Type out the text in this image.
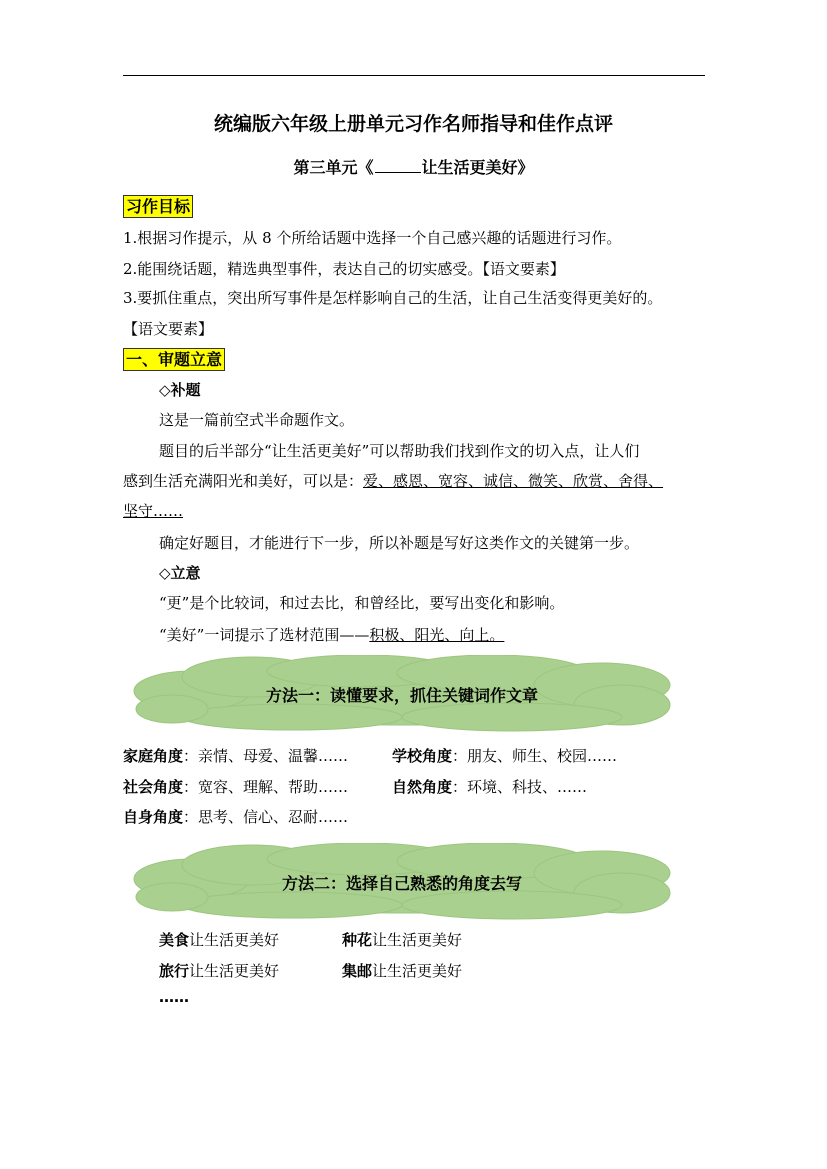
统编版六年级上册单元习作名师指导和佳作点评
第三单元《	让生活更美好》
习作目标
1.根据习作提示，从 8 个所给话题中选择一个自己感兴趣的话题进行习作。
2.能围绕话题，精选典型事件，表达自己的切实感受。【语文要素】
3.要抓住重点，突出所写事件是怎样影响自己的生活，让自己生活变得更美好的。
【语文要素】
一、审题立意
◇补题
这是一篇前空式半命题作文。
题目的后半部分“让生活更美好”可以帮助我们找到作文的切入点，让人们
感到生活充满阳光和美好，可以是：爱、感恩、宽容、诚信、微笑、欣赏、舍得、
坚守……
确定好题目，才能进行下一步，所以补题是写好这类作文的关键第一步。
◇立意
“更”是个比较词，和过去比，和曾经比，要写出变化和影响。
“美好”一词提示了选材范围——积极、阳光、向上。
方法一：读懂要求，抓住关键词作文章
家庭角度：亲情、母爱、温馨……	学校角度：朋友、师生、校园……
社会角度：宽容、理解、帮助……	自然角度：环境、科技、……
自身角度：思考、信心、忍耐……
方法二：选择自己熟悉的角度去写
美食让生活更美好	种花让生活更美好
旅行让生活更美好	集邮让生活更美好
……
